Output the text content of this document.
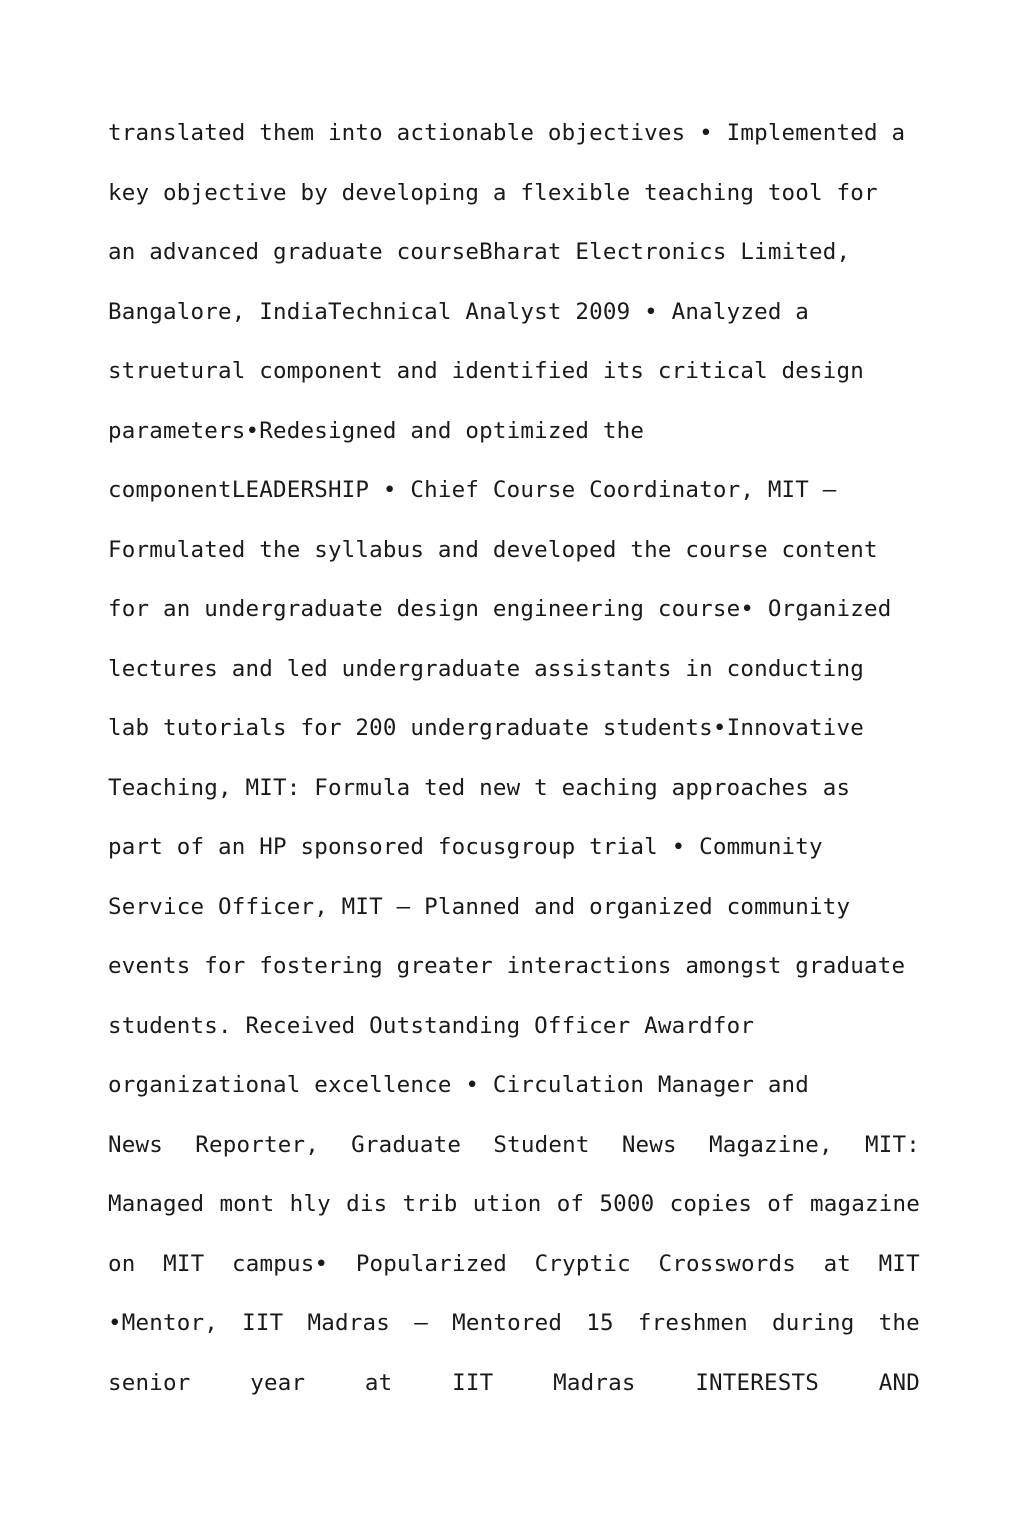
translated them into actionable objectives • Implemented a
key objective by developing a flexible teaching tool for
an advanced graduate courseBharat Electronics Limited,
Bangalore, IndiaTechnical Analyst 2009 • Analyzed a
struetural component and identified its critical design
parameters•Redesigned and optimized the
componentLEADERSHIP • Chief Course Coordinator, MIT –
Formulated the syllabus and developed the course content
for an undergraduate design engineering course• Organized
lectures and led undergraduate assistants in conducting
lab tutorials for 200 undergraduate students•Innovative
Teaching, MIT: Formula ted new t eaching approaches as
part of an HP sponsored focusgroup trial • Community
Service Officer, MIT – Planned and organized community
events for fostering greater interactions amongst graduate
students. Received Outstanding Officer Awardfor
organizational excellence • Circulation Manager and
News Reporter, Graduate Student News Magazine, MIT:
Managed mont hly dis trib ution of 5000 copies of magazine
on MIT campus• Popularized Cryptic Crosswords at MIT
•Mentor, IIT Madras – Mentored 15 freshmen during the
senior	year	at	IIT	Madras	INTERESTS	AND
